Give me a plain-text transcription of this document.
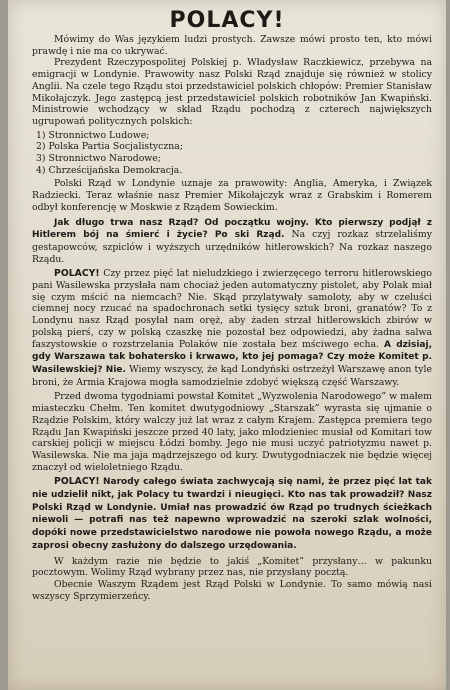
POLACY!

Mówimy do Was językiem ludzi prostych. Zawsze mówi prosto ten, kto mówi prawdę i nie ma co ukrywać.

Prezydent Rzeczypospolitej Polskiej p. Władysław Raczkiewicz, przebywa na emigracji w Londynie. Prawowity nasz Polski Rząd znajduje się również w stolicy Anglii. Na czele tego Rządu stoi przedstawiciel polskich chłopów: Premier Stanisław Mikołajczyk. Jego zastępcą jest przedstawiciel polskich robotników Jan Kwapiński. Ministrowie wchodzący w skład Rządu pochodzą z czterech największych ugrupowań politycznych polskich:

1) Stronnictwo Ludowe;
2) Polska Partia Socjalistyczna;
3) Stronnictwo Narodowe;
4) Chrześcijańska Demokracja.

Polski Rząd w Londynie uznaje za prawowity: Anglia, Ameryka, i Związek Radziecki. Teraz właśnie nasz Premier Mikołajczyk wraz z Grabskim i Romerem odbył konferencję w Moskwie z Rządem Sowieckim.

Jak długo trwa nasz Rząd? Od początku wojny. Kto pierwszy podjął z Hitlerem bój na śmierć i życie? Po ski Rząd. Na czyj rozkaz strzelaliśmy gestapowców, szpiclów i wyższych urzędników hitlerowskich? Na rozkaz naszego Rządu.

POLACY! Czy przez pięć lat nieludzkiego i zwierzęcego terroru hitlerowskiego pani Wasilewska przysłała nam chociaż jeden automatyczny pistolet, aby Polak miał się czym mścić na niemcach? Nie. Skąd przylatywały samoloty, aby w czeluści ciemnej nocy rzucać na spadochronach setki tysięcy sztuk broni, granatów? To z Londynu nasz Rząd posyłał nam oręż, aby żaden strzał hitlerowskich zbirów w polską pierś, czy w polską czaszkę nie pozostał bez odpowiedzi, aby żadna salwa faszystowskie o rozstrzelania Polaków nie została bez mściwego echa. A dzisiaj, gdy Warszawa tak bohatersko i krwawo, kto jej pomaga? Czy może Komitet p. Wasilewskiej? Nie. Wiemy wszyscy, że kąd Londyński ostrzeżył Warszawę anon tyle broni, że Armia Krajowa mogła samodzielnie zdobyć większą część Warszawy.

Przed dwoma tygodniami powstał Komitet „Wyzwolenia Narodowego” w małem miasteczku Chełm. Ten komitet dwutygodniowy „Starszak” wyrasta się ujmanie o Rządzie Polskim, który walczy już lat wraz z całym Krajem. Zastępca premiera tego Rządu Jan Kwapiński jeszcze przed 40 laty, jako młodzieniec musiał od Komitari tow carskiej policji w miejscu Łódzi bomby. Jego nie musi uczyć patriotyzmu nawet p. Wasilewska. Nie ma jaja mądrzejszego od kury. Dwutygodniaczek nie będzie więcej znaczył od wieloletniego Rządu.

POLACY! Narody całego świata zachwycają się nami, że przez pięć lat tak nie udzielił nikt, jak Polacy tu twardzi i nieugięci. Kto nas tak prowadził? Nasz Polski Rząd w Londynie. Umiał nas prowadzić ów Rząd po trudnych ścieżkach niewoli — potrafi nas też napewno wprowadzić na szeroki szlak wolności, dopóki nowe przedstawicielstwo narodowe nie powoła nowego Rządu, a może zaprosi obecny zasłużony do dalszego urzędowania.

W każdym razie nie będzie to jakiś „Komitet” przysłany… w pakunku pocztowym. Wolimy Rząd wybrany przez nas, nie przysłany pocztą.

Obecnie Waszym Rządem jest Rząd Polski w Londynie. To samo mówią nasi wszyscy Sprzymierzeńcy.
